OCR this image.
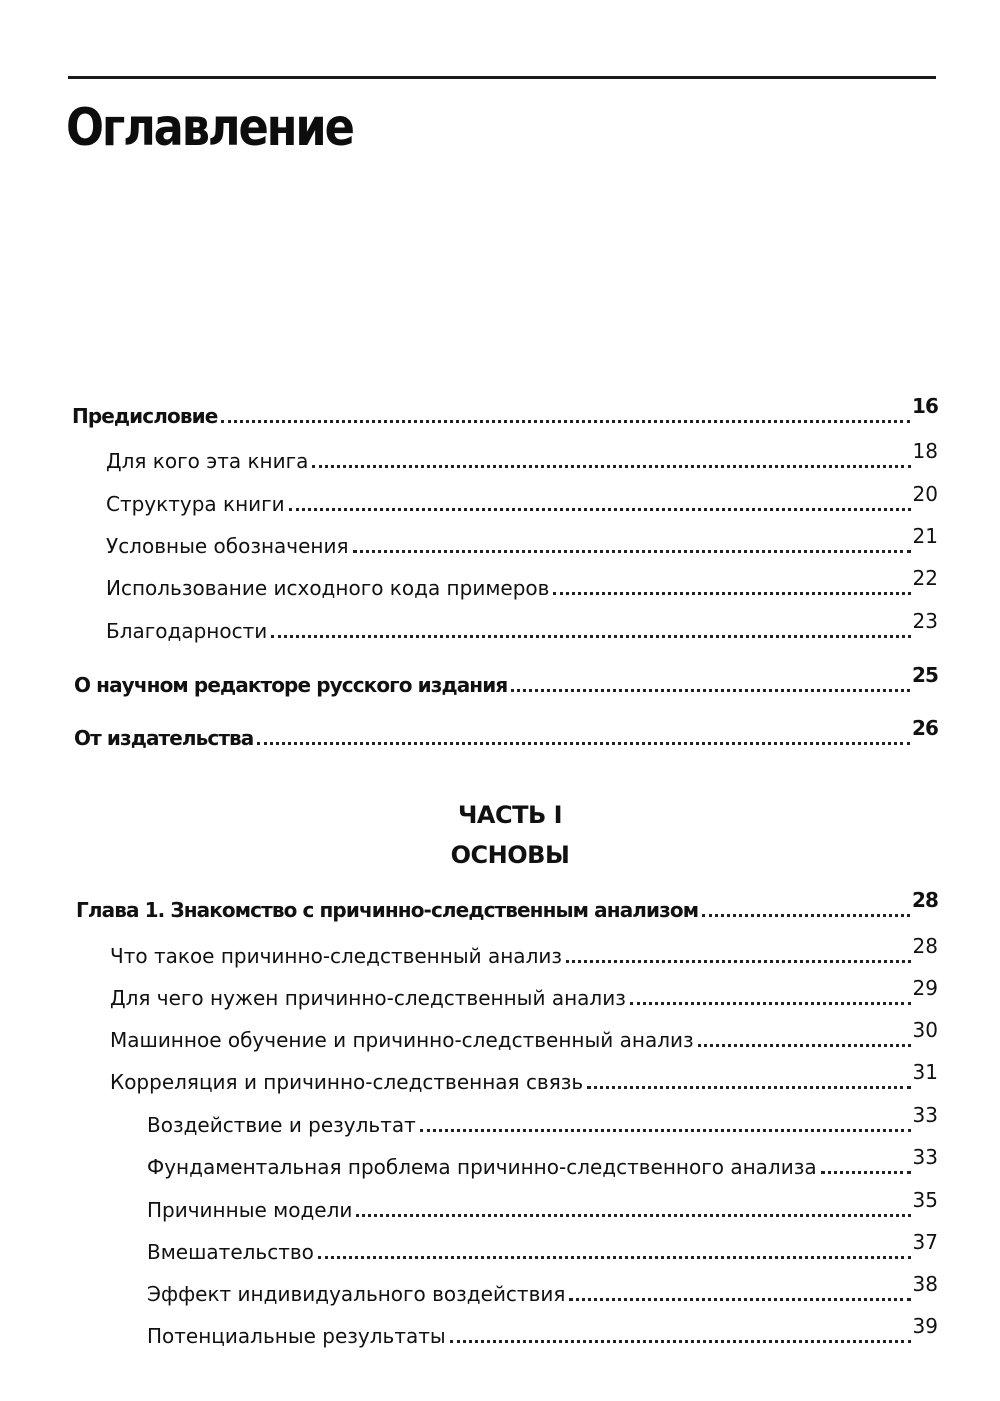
Оглавление
Предисловие	16
Для кого эта книга	18
Структура книги	20
Условные обозначения	21
Использование исходного кода примеров	22
Благодарности	23
О научном редакторе русского издания	25
От издательства	26
ЧАСТЬ I
ОСНОВЫ
Глава 1. Знакомство с причинно-следственным анализом	28
Что такое причинно-следственный анализ	28
Для чего нужен причинно-следственный анализ	29
Машинное обучение и причинно-следственный анализ	30
Корреляция и причинно-следственная связь	31
Воздействие и результат	33
Фундаментальная проблема причинно-следственного анализа	33
Причинные модели	35
Вмешательство	37
Эффект индивидуального воздействия	38
Потенциальные результаты	39
